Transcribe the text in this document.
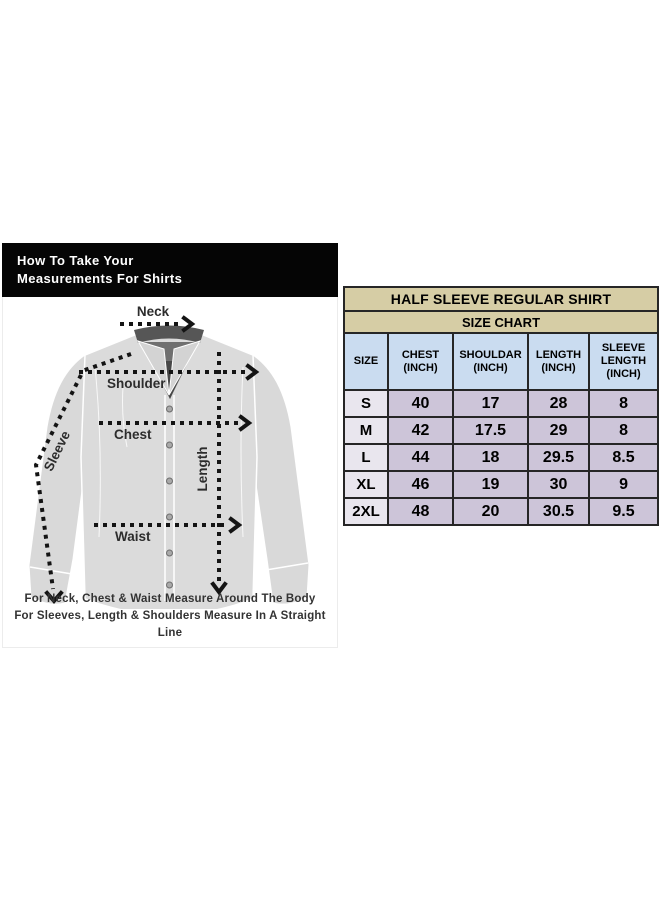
How To Take Your
Measurements For Shirts
Neck
Shoulder
Chest
Waist
Length
Sleeve
For Neck, Chest & Waist Measure Around The Body
For Sleeves, Length & Shoulders Measure In A Straight Line
HALF SLEEVE REGULAR SHIRT				
SIZE CHART				
SIZE	CHEST (INCH)	SHOULDAR (INCH)	LENGTH (INCH)	SLEEVE LENGTH (INCH)
S	40	17	28	8
M	42	17.5	29	8
L	44	18	29.5	8.5
XL	46	19	30	9
2XL	48	20	30.5	9.5
